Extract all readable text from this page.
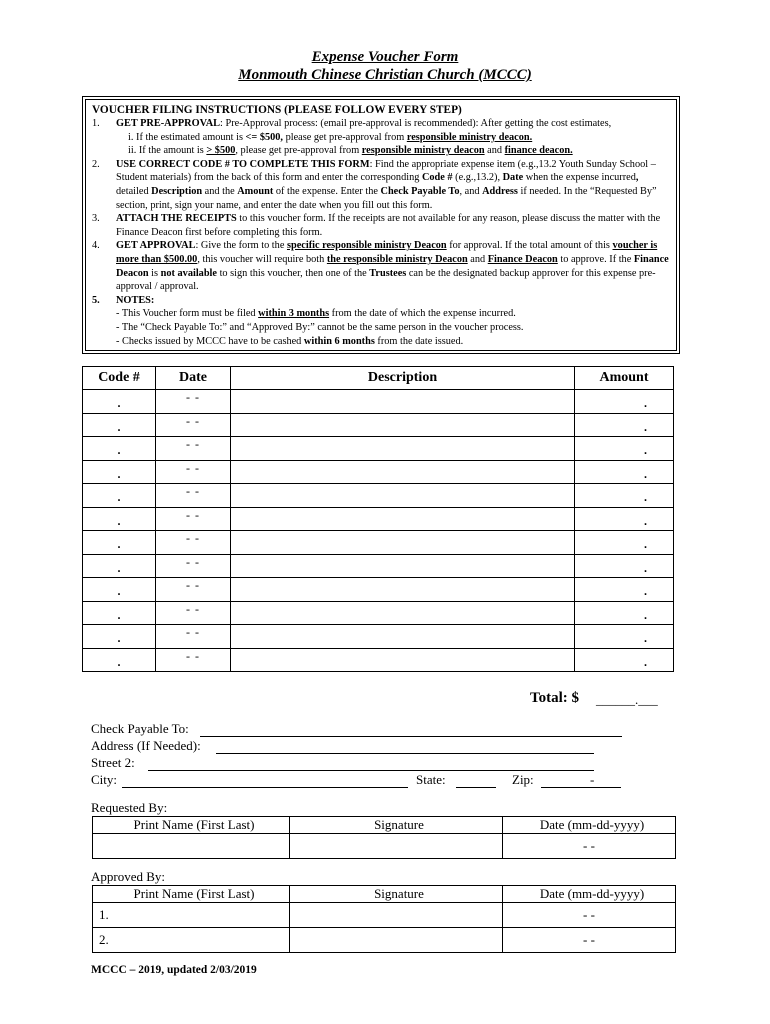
Expense Voucher Form
Monmouth Chinese Christian Church (MCCC)
VOUCHER FILING INSTRUCTIONS (PLEASE FOLLOW EVERY STEP)
1.	GET PRE-APPROVAL: Pre-Approval process: (email pre-approval is recommended): After getting the cost estimates,
i. If the estimated amount is <= $500, please get pre-approval from responsible ministry deacon.
ii. If the amount is > $500, please get pre-approval from responsible ministry deacon and finance deacon.
2.	USE CORRECT CODE # TO COMPLETE THIS FORM: Find the appropriate expense item (e.g.,13.2 Youth Sunday School – Student materials) from the back of this form and enter the corresponding Code # (e.g.,13.2), Date when the expense incurred, detailed Description and the Amount of the expense. Enter the Check Payable To, and Address if needed. In the “Requested By” section, print, sign your name, and enter the date when you fill out this form.
3.	ATTACH THE RECEIPTS to this voucher form. If the receipts are not available for any reason, please discuss the matter with the Finance Deacon first before completing this form.
4.	GET APPROVAL: Give the form to the specific responsible ministry Deacon for approval. If the total amount of this voucher is more than $500.00, this voucher will require both the responsible ministry Deacon and Finance Deacon to approve. If the Finance Deacon is not available to sign this voucher, then one of the Trustees can be the designated backup approver for this expense pre-approval / approval.
5.	NOTES:
- This Voucher form must be filed within 3 months from the date of which the expense incurred.
- The “Check Payable To:” and “Approved By:” cannot be the same person in the voucher process.
- Checks issued by MCCC have to be cashed within 6 months from the date issued.
Code #	Date	Description	Amount
.	- -		.
.	- -		.
.	- -		.
.	- -		.
.	- -		.
.	- -		.
.	- -		.
.	- -		.
.	- -		.
.	- -		.
.	- -		.
.	- -		.
Total: $ ______.___
Check Payable To:
Address (If Needed):
Street 2:
City:	State:	Zip:	-
Requested By:
Print Name (First Last)	Signature	Date (mm-dd-yyyy)
		- -
Approved By:
Print Name (First Last)	Signature	Date (mm-dd-yyyy)
1.		- -
2.		- -
MCCC – 2019, updated 2/03/2019
